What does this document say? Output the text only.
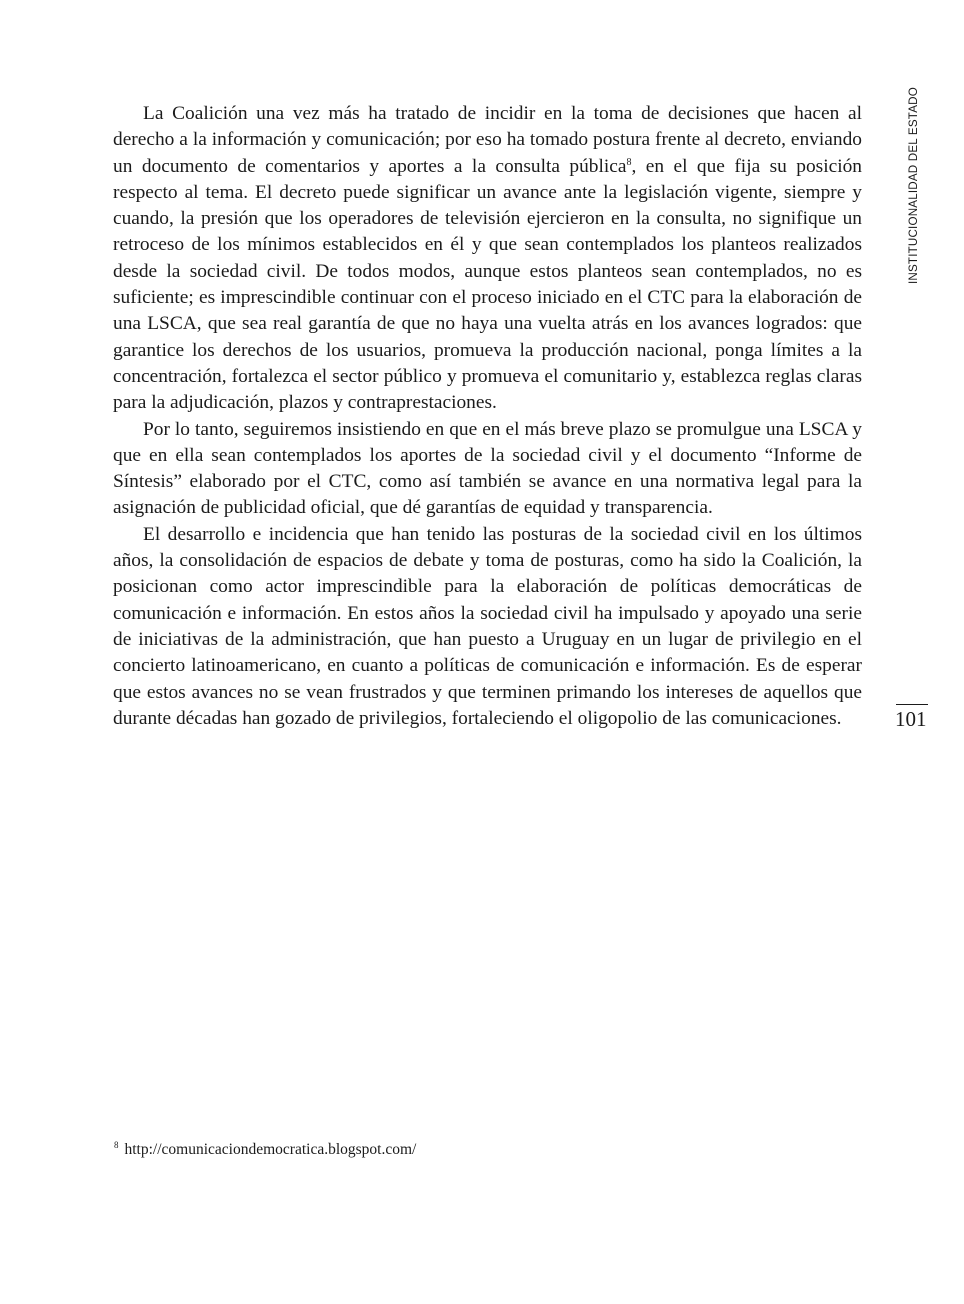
INSTITUCIONALIDAD DEL ESTADO

La Coalición una vez más ha tratado de incidir en la toma de decisiones que hacen al derecho a la información y comunicación; por eso ha tomado postura frente al decreto, enviando un documento de comentarios y aportes a la consulta pública$^8$, en el que fija su posición respecto al tema. El decreto puede significar un avance ante la legislación vigente, siempre y cuando, la presión que los operadores de televisión ejercieron en la consulta, no signifique un retroceso de los mínimos establecidos en él y que sean contemplados los planteos realizados desde la sociedad civil. De todos modos, aunque estos planteos sean contemplados, no es suficiente; es imprescindible continuar con el proceso iniciado en el CTC para la elaboración de una LSCA, que sea real garantía de que no haya una vuelta atrás en los avances logrados: que garantice los derechos de los usuarios, promueva la producción nacional, ponga límites a la concentración, fortalezca el sector público y promueva el comunitario y, establezca reglas claras para la adjudicación, plazos y contraprestaciones.

Por lo tanto, seguiremos insistiendo en que en el más breve plazo se promulgue una LSCA y que en ella sean contemplados los aportes de la sociedad civil y el documento “Informe de Síntesis” elaborado por el CTC, como así también se avance en una normativa legal para la asignación de publicidad oficial, que dé garantías de equidad y transparencia.

El desarrollo e incidencia que han tenido las posturas de la sociedad civil en los últimos años, la consolidación de espacios de debate y toma de posturas, como ha sido la Coalición, la posicionan como actor imprescindible para la elaboración de políticas democráticas de comunicación e información. En estos años la sociedad civil ha impulsado y apoyado una serie de iniciativas de la administración, que han puesto a Uruguay en un lugar de privilegio en el concierto latinoamericano, en cuanto a políticas de comunicación e información. Es de esperar que estos avances no se vean frustrados y que terminen primando los intereses de aquellos que durante décadas han gozado de privilegios, fortaleciendo el oligopolio de las comunicaciones.	101
$^8$ http://comunicaciondemocratica.blogspot.com/
